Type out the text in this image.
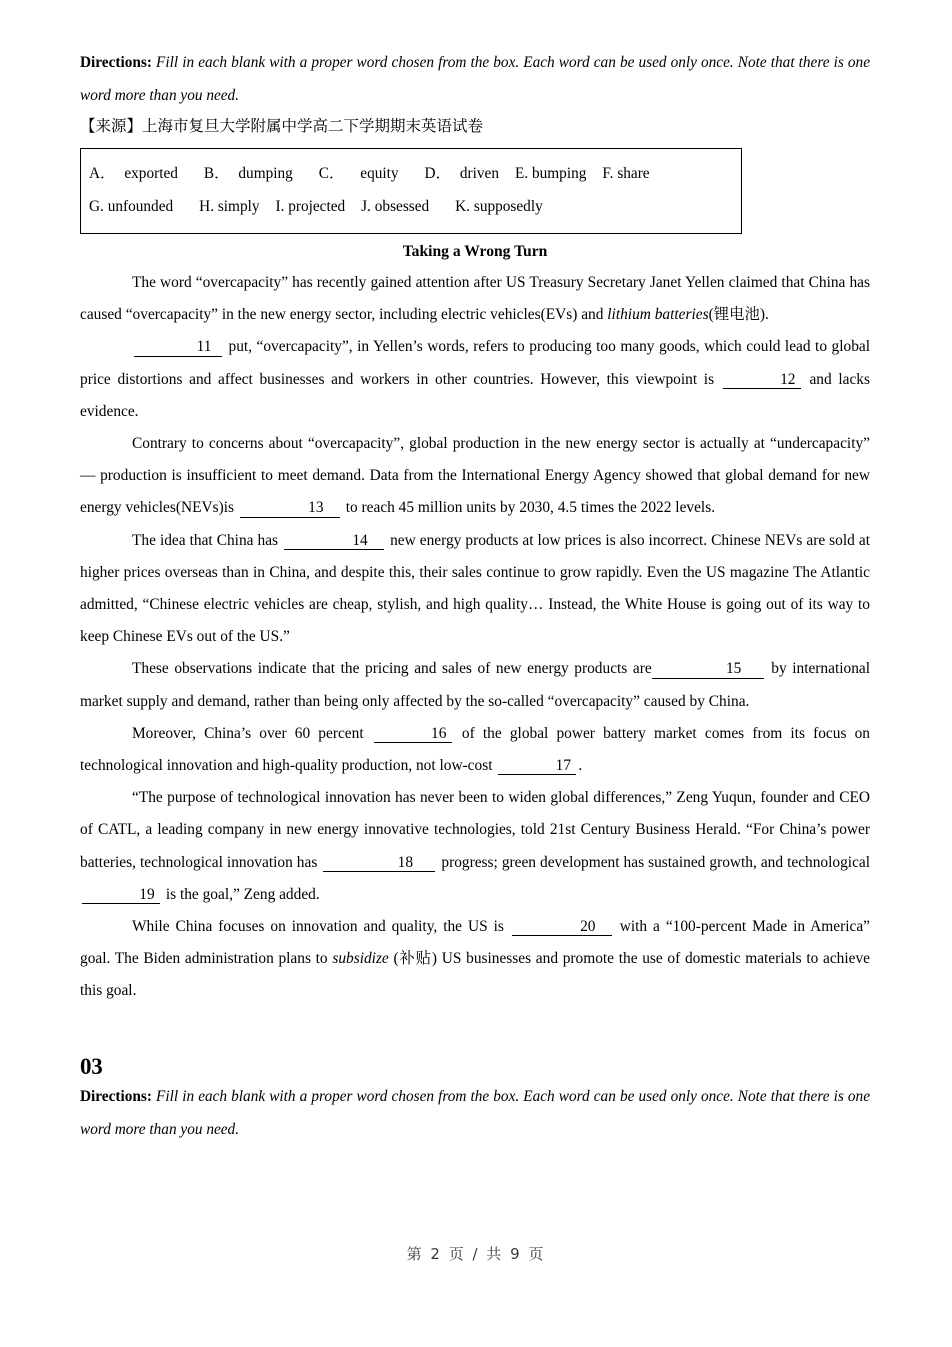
Directions: Fill in each blank with a proper word chosen from the box. Each word can be used only once. Note that there is one word more than you need.

【来源】上海市复旦大学附属中学高二下学期期末英语试卷

A． exported B． dumping C． equity D． driven E. bumping F. shareG. unfounded H. simply I. projected J. obsessed K. supposedly

Taking a Wrong Turn

The word “overcapacity” has recently gained attention after US Treasury Secretary Janet Yellen claimed that China has caused “overcapacity” in the new energy sector, including electric vehicles(EVs) and lithium batteries(锂电池).

11 put, “overcapacity”, in Yellen’s words, refers to producing too many goods, which could lead to global price distortions and affect businesses and workers in other countries. However, this viewpoint is	12 and lacks evidence.

Contrary to concerns about “overcapacity”, global production in the new energy sector is actually at “undercapacity” — production is insufficient to meet demand. Data from the International Energy Agency showed that global demand for new energy vehicles(NEVs)is	13 to reach 45 million units by 2030, 4.5 times the 2022 levels.

The idea that China has	14 new energy products at low prices is also incorrect. Chinese NEVs are sold at higher prices overseas than in China, and despite this, their sales continue to grow rapidly. Even the US magazine The Atlantic admitted, “Chinese electric vehicles are cheap, stylish, and high quality… Instead, the White House is going out of its way to keep Chinese EVs out of the US.”

These observations indicate that the pricing and sales of new energy products are	15 by international market supply and demand, rather than being only affected by the so-called “overcapacity” caused by China.

Moreover, China’s over 60 percent	16 of the global power battery market comes from its focus on technological innovation and high-quality production, not low-cost	17 .

“The purpose of technological innovation has never been to widen global differences,” Zeng Yuqun, founder and CEO of CATL, a leading company in new energy innovative technologies, told 21st Century Business Herald. “For China’s power batteries, technological innovation has	18 progress; green development has sustained growth, and technological 19 is the goal,” Zeng added.

While China focuses on innovation and quality, the US is	20 with a “100-percent Made in America” goal. The Biden administration plans to subsidize (补贴) US businesses and promote the use of domestic materials to achieve this goal.

03

Directions: Fill in each blank with a proper word chosen from the box. Each word can be used only once. Note that there is one word more than you need.

第 2 页 / 共 9 页
